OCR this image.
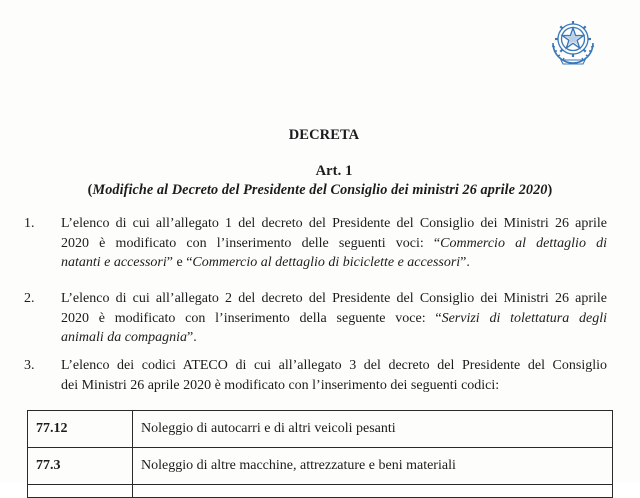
DECRETA
Art. 1
(Modifiche al Decreto del Presidente del Consiglio dei ministri 26 aprile 2020)
1. L’elenco di cui all’allegato 1 del decreto del Presidente del Consiglio dei Ministri 26 aprile
2020 è modificato con l’inserimento delle seguenti voci: “Commercio al dettaglio di
natanti e accessori” e “Commercio al dettaglio di biciclette e accessori”.
2. L’elenco di cui all’allegato 2 del decreto del Presidente del Consiglio dei Ministri 26 aprile
2020 è modificato con l’inserimento della seguente voce: “Servizi di tolettatura degli
animali da compagnia”.
3. L’elenco dei codici ATECO di cui all’allegato 3 del decreto del Presidente del Consiglio
dei Ministri 26 aprile 2020 è modificato con l’inserimento dei seguenti codici:
77.12	Noleggio di autocarri e di altri veicoli pesanti
77.3	Noleggio di altre macchine, attrezzature e beni materiali
